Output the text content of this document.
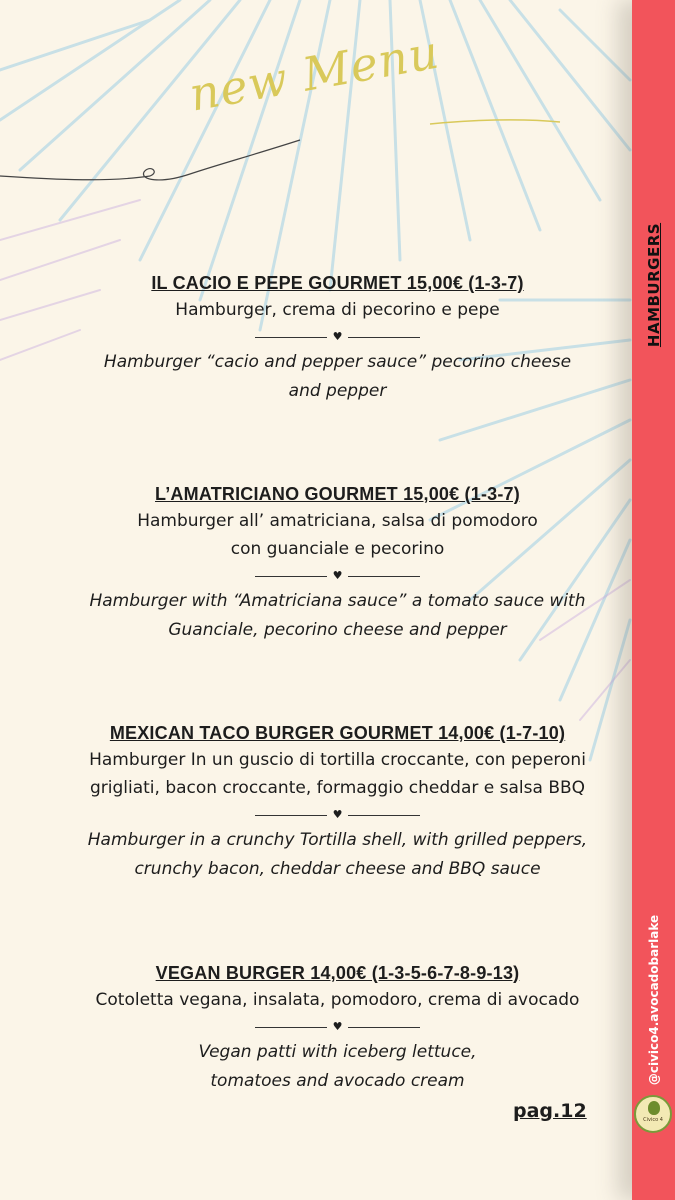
new Menu
IL CACIO E PEPE GOURMET 15,00€ (1-3-7)
Hamburger, crema di pecorino e pepe
♥
Hamburger “cacio and pepper sauce” pecorino cheese
and pepper
L’AMATRICIANO GOURMET 15,00€ (1-3-7)
Hamburger all’ amatriciana, salsa di pomodoro
con guanciale e pecorino
♥
Hamburger with “Amatriciana sauce” a tomato sauce with
Guanciale, pecorino cheese and pepper
MEXICAN TACO BURGER GOURMET 14,00€ (1-7-10)
Hamburger In un guscio di tortilla croccante, con peperoni
grigliati, bacon croccante, formaggio cheddar e salsa BBQ
♥
Hamburger in a crunchy Tortilla shell, with grilled peppers,
crunchy bacon, cheddar cheese and BBQ sauce
VEGAN BURGER 14,00€ (1-3-5-6-7-8-9-13)
Cotoletta vegana, insalata, pomodoro, crema di avocado
♥
Vegan patti with iceberg lettuce,
tomatoes and avocado cream
pag.12
HAMBURGERS
@civico4.avocadobarlake
Civico 4
